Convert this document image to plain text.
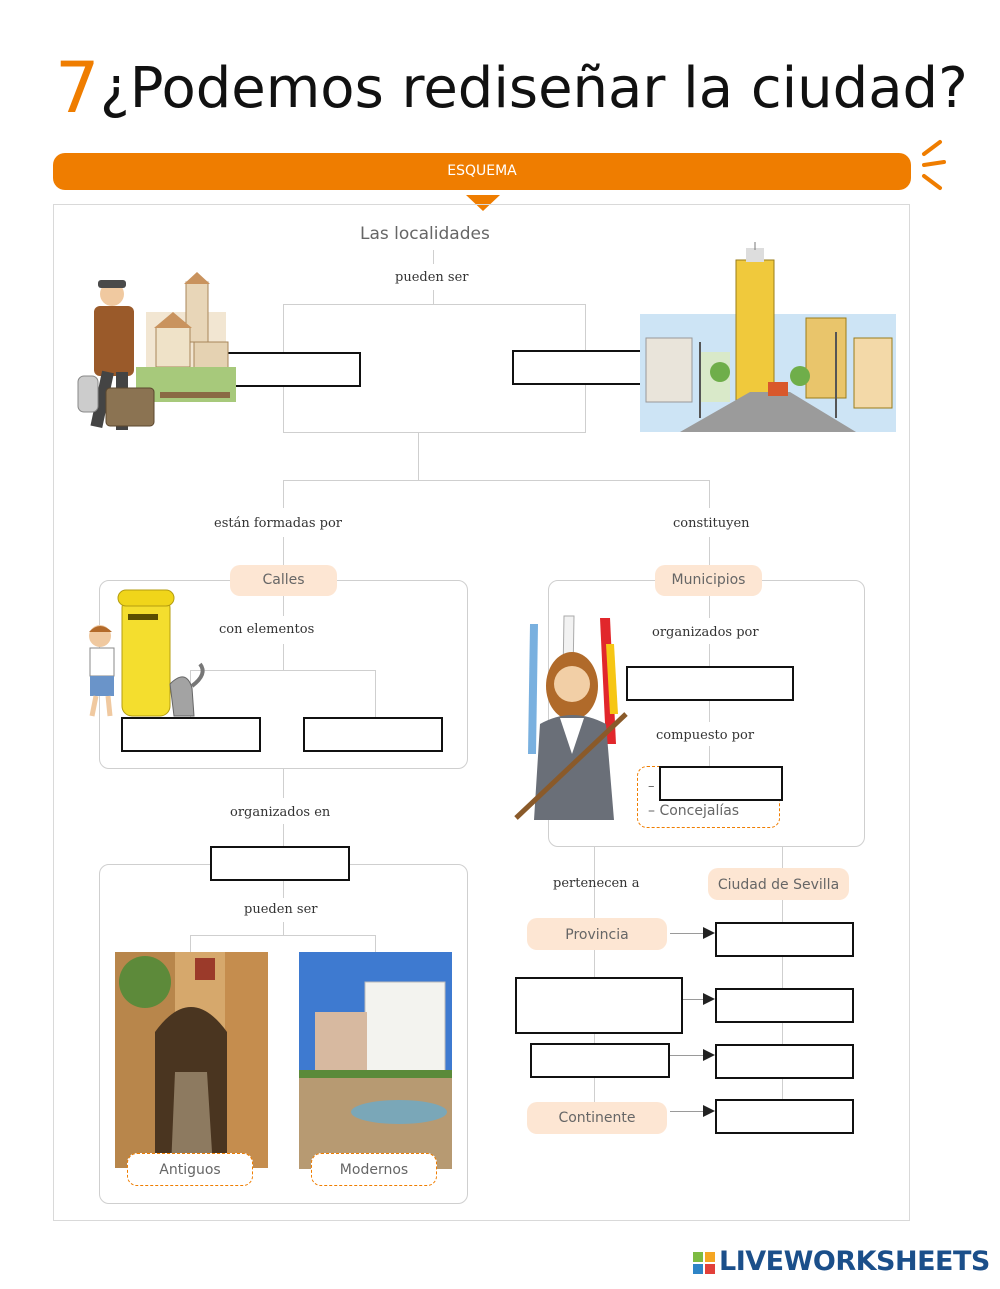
7 ¿Podemos rediseñar la ciudad?
ESQUEMA
Las localidades
pueden ser
están formadas por	constituyen
Calles
con elementos
organizados en
pueden ser
Municipios
organizados por
compuesto por
–
– Concejalías
pertenecen a	Ciudad de Sevilla
Provincia
Continente
Antiguos	Modernos
LIVEWORKSHEETS
